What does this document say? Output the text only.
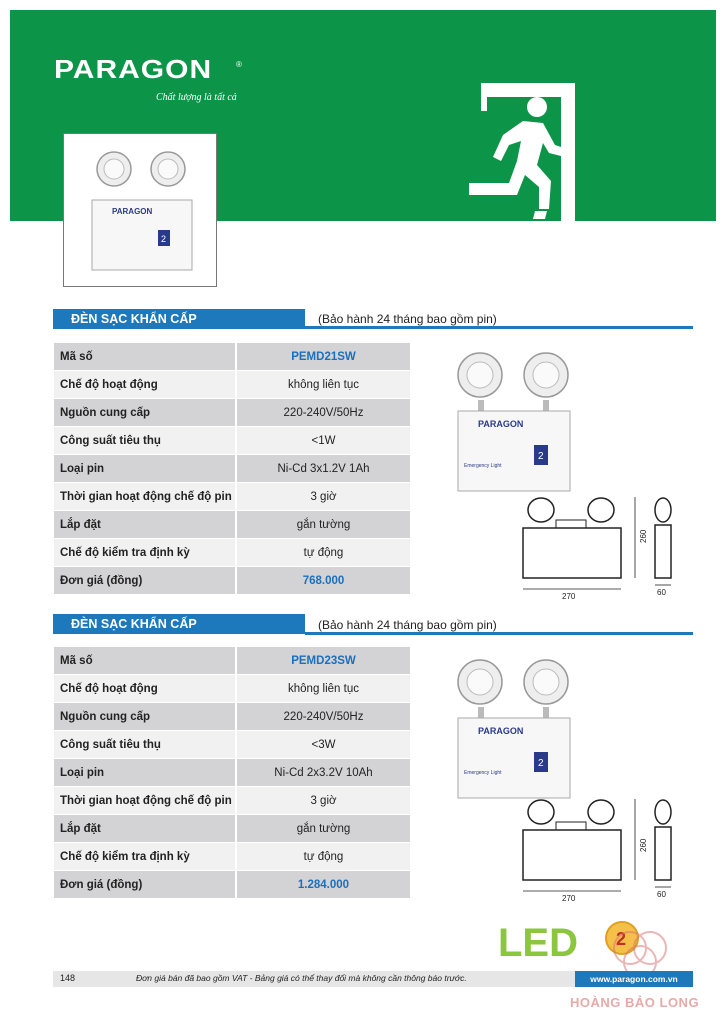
PARAGON	®
Chất lượng là tất cả
PARAGON
2
ĐÈN SẠC KHẨN CẤP	(Bảo hành 24 tháng bao gồm pin)
Mã số	PEMD21SW
Chế độ hoạt động	không liên tục
Nguồn cung cấp	220-240V/50Hz
Công suất tiêu thụ	<1W
Loại pin	Ni-Cd 3x1.2V 1Ah
Thời gian hoạt động chế độ pin	3 giờ
Lắp đặt	gắn tường
Chế độ kiểm tra định kỳ	tự động
Đơn giá (đồng)	768.000
PARAGON
Emergency Light
2
260
270	60
ĐÈN SẠC KHẨN CẤP	(Bảo hành 24 tháng bao gồm pin)
Mã số	PEMD23SW
Chế độ hoạt động	không liên tục
Nguồn cung cấp	220-240V/50Hz
Công suất tiêu thụ	<3W
Loại pin	Ni-Cd 2x3.2V 10Ah
Thời gian hoạt động chế độ pin	3 giờ
Lắp đặt	gắn tường
Chế độ kiểm tra định kỳ	tự động
Đơn giá (đồng)	1.284.000
PARAGON
Emergency Light
2
260
270	60
LED 2
148	Đơn giá bán đã bao gồm VAT - Bảng giá có thể thay đổi mà không cần thông báo trước.	www.paragon.com.vn
HOÀNG BẢO LONG
